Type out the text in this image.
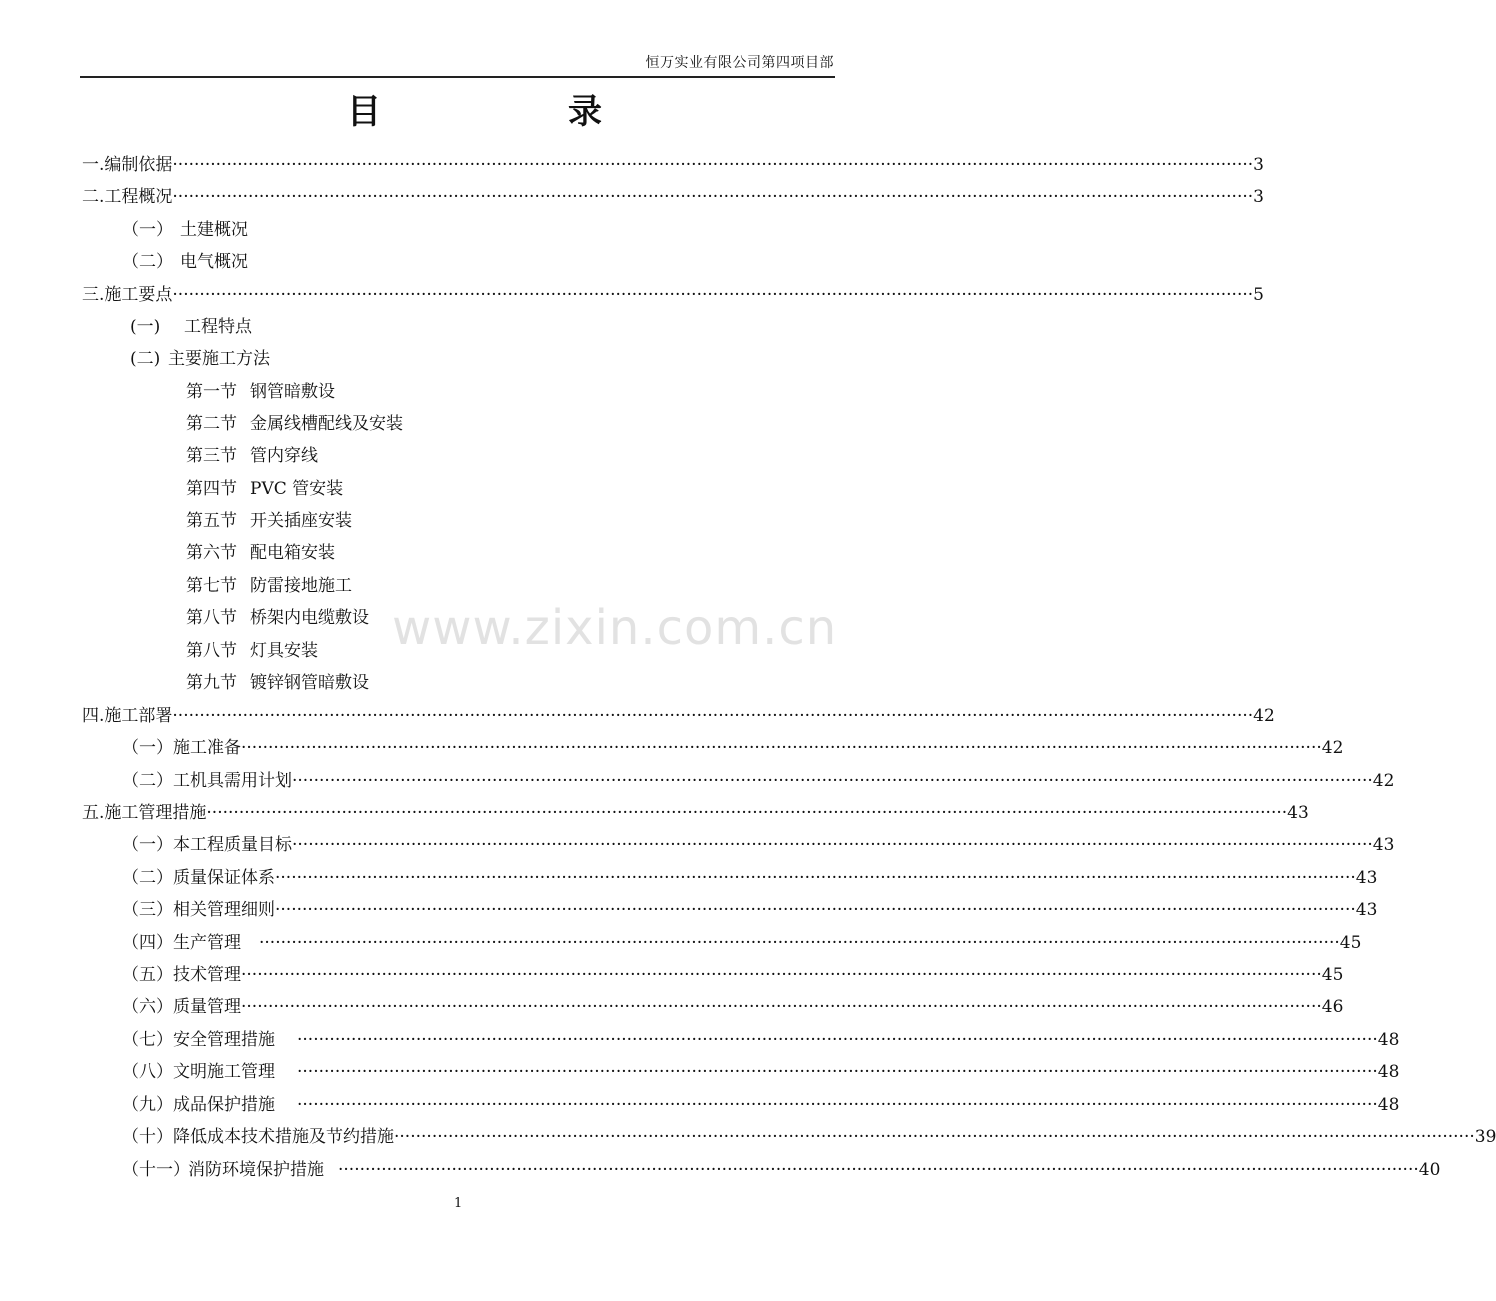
恒万实业有限公司第四项目部
目	录
一. 编制依据 ········································································································································································································ 3
二. 工程概况 ········································································································································································································ 3
（一） 土建概况
（二） 电气概况
三. 施工要点 ········································································································································································································ 5
(一)	工程特点
(二) 主要施工方法
第一节 钢管暗敷设
第二节 金属线槽配线及安装
第三节 管内穿线
第四节 PVC 管安装
第五节 开关插座安装
第六节 配电箱安装
第七节 防雷接地施工
第八节 桥架内电缆敷设
第八节 灯具安装
第九节 镀锌钢管暗敷设
四. 施工部署 ········································································································································································································ 42
（一） 施工准备 ········································································································································································································ 42
（二） 工机具需用计划 ········································································································································································································ 42
五. 施工管理措施 ········································································································································································································ 43
（一） 本工程质量目标 ········································································································································································································ 43
（二） 质量保证体系 ········································································································································································································ 43
（三） 相关管理细则 ········································································································································································································ 43
（四） 生产管理 ········································································································································································································ 45
（五） 技术管理 ········································································································································································································ 45
（六） 质量管理 ········································································································································································································ 46
（七） 安全管理措施 ········································································································································································································ 48
（八） 文明施工管理 ········································································································································································································ 48
（九） 成品保护措施 ········································································································································································································ 48
（十） 降低成本技术措施及节约措施 ········································································································································································································ 39
（十一）
消防环境保护措施 ········································································································································································································ 40
www.zixin.com.cn
1
